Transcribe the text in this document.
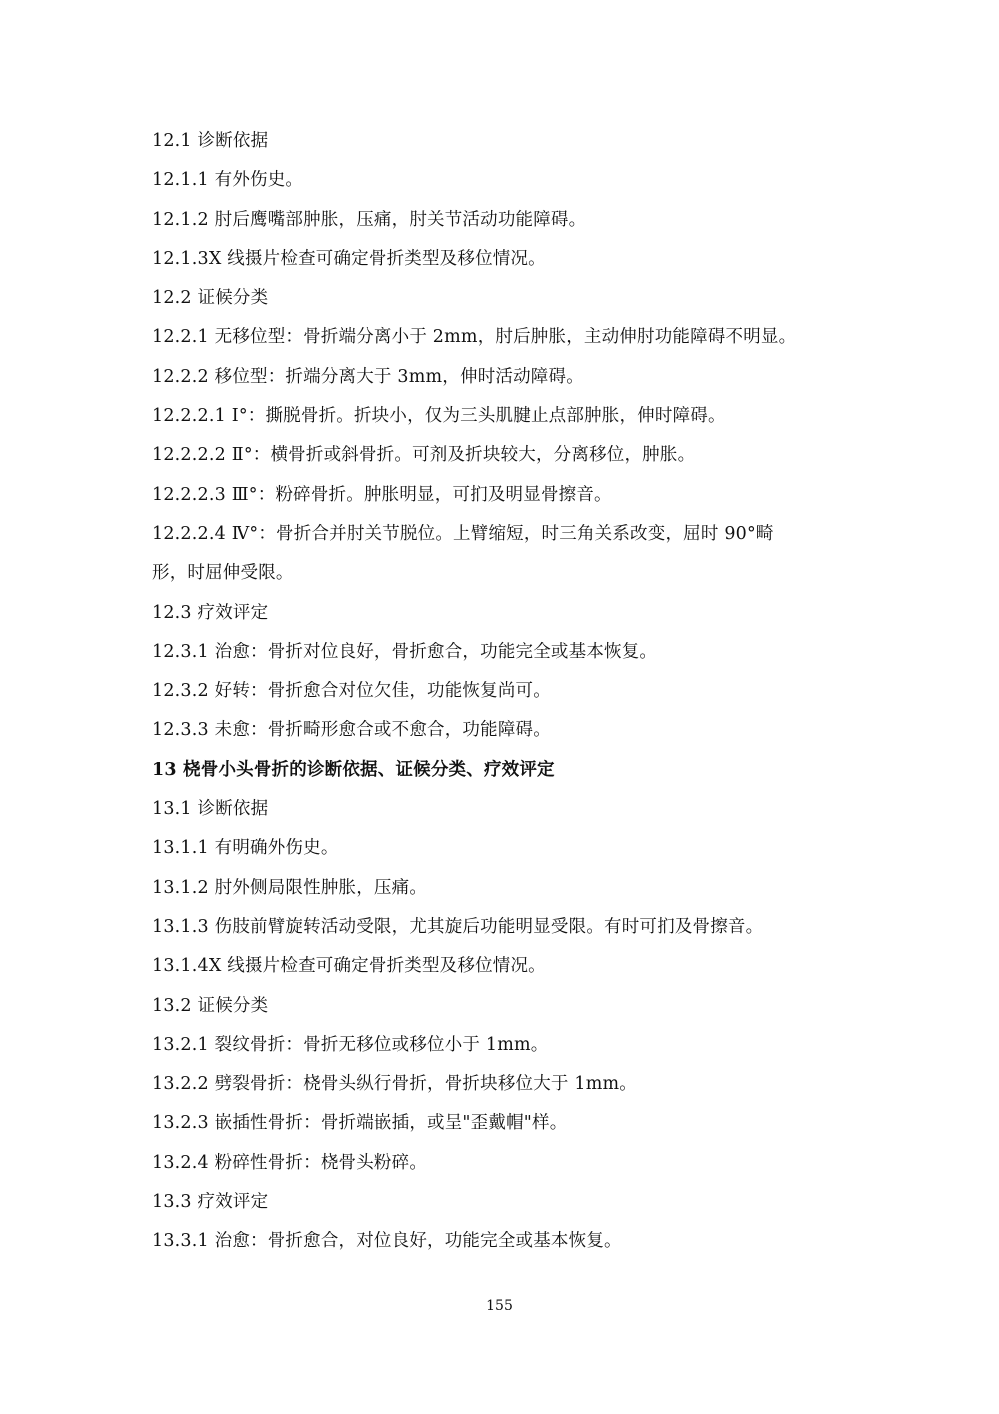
12.1 诊断依据
12.1.1 有外伤史。
12.1.2 肘后鹰嘴部肿胀，压痛，肘关节活动功能障碍。
12.1.3X 线摄片检查可确定骨折类型及移位情况。
12.2 证候分类
12.2.1 无移位型：骨折端分离小于 2mm，肘后肿胀，主动伸肘功能障碍不明显。
12.2.2 移位型：折端分离大于 3mm，伸时活动障碍。
12.2.2.1 Ⅰ°：撕脱骨折。折块小，仅为三头肌腱止点部肿胀，伸时障碍。
12.2.2.2 Ⅱ°：横骨折或斜骨折。可剂及折块较大，分离移位，肿胀。
12.2.2.3 Ⅲ°：粉碎骨折。肿胀明显，可扪及明显骨擦音。
12.2.2.4 Ⅳ°：骨折合并肘关节脱位。上臂缩短，时三角关系改变，屈时 90°畸
形，时屈伸受限。
12.3 疗效评定
12.3.1 治愈：骨折对位良好，骨折愈合，功能完全或基本恢复。
12.3.2 好转：骨折愈合对位欠佳，功能恢复尚可。
12.3.3 未愈：骨折畸形愈合或不愈合，功能障碍。
13 桡骨小头骨折的诊断依据、证候分类、疗效评定
13.1 诊断依据
13.1.1 有明确外伤史。
13.1.2 肘外侧局限性肿胀，压痛。
13.1.3 伤肢前臂旋转活动受限，尤其旋后功能明显受限。有时可扪及骨擦音。
13.1.4X 线摄片检查可确定骨折类型及移位情况。
13.2 证候分类
13.2.1 裂纹骨折：骨折无移位或移位小于 1mm。
13.2.2 劈裂骨折：桡骨头纵行骨折，骨折块移位大于 1mm。
13.2.3 嵌插性骨折：骨折端嵌插，或呈"歪戴帽"样。
13.2.4 粉碎性骨折：桡骨头粉碎。
13.3 疗效评定
13.3.1 治愈：骨折愈合，对位良好，功能完全或基本恢复。
155
